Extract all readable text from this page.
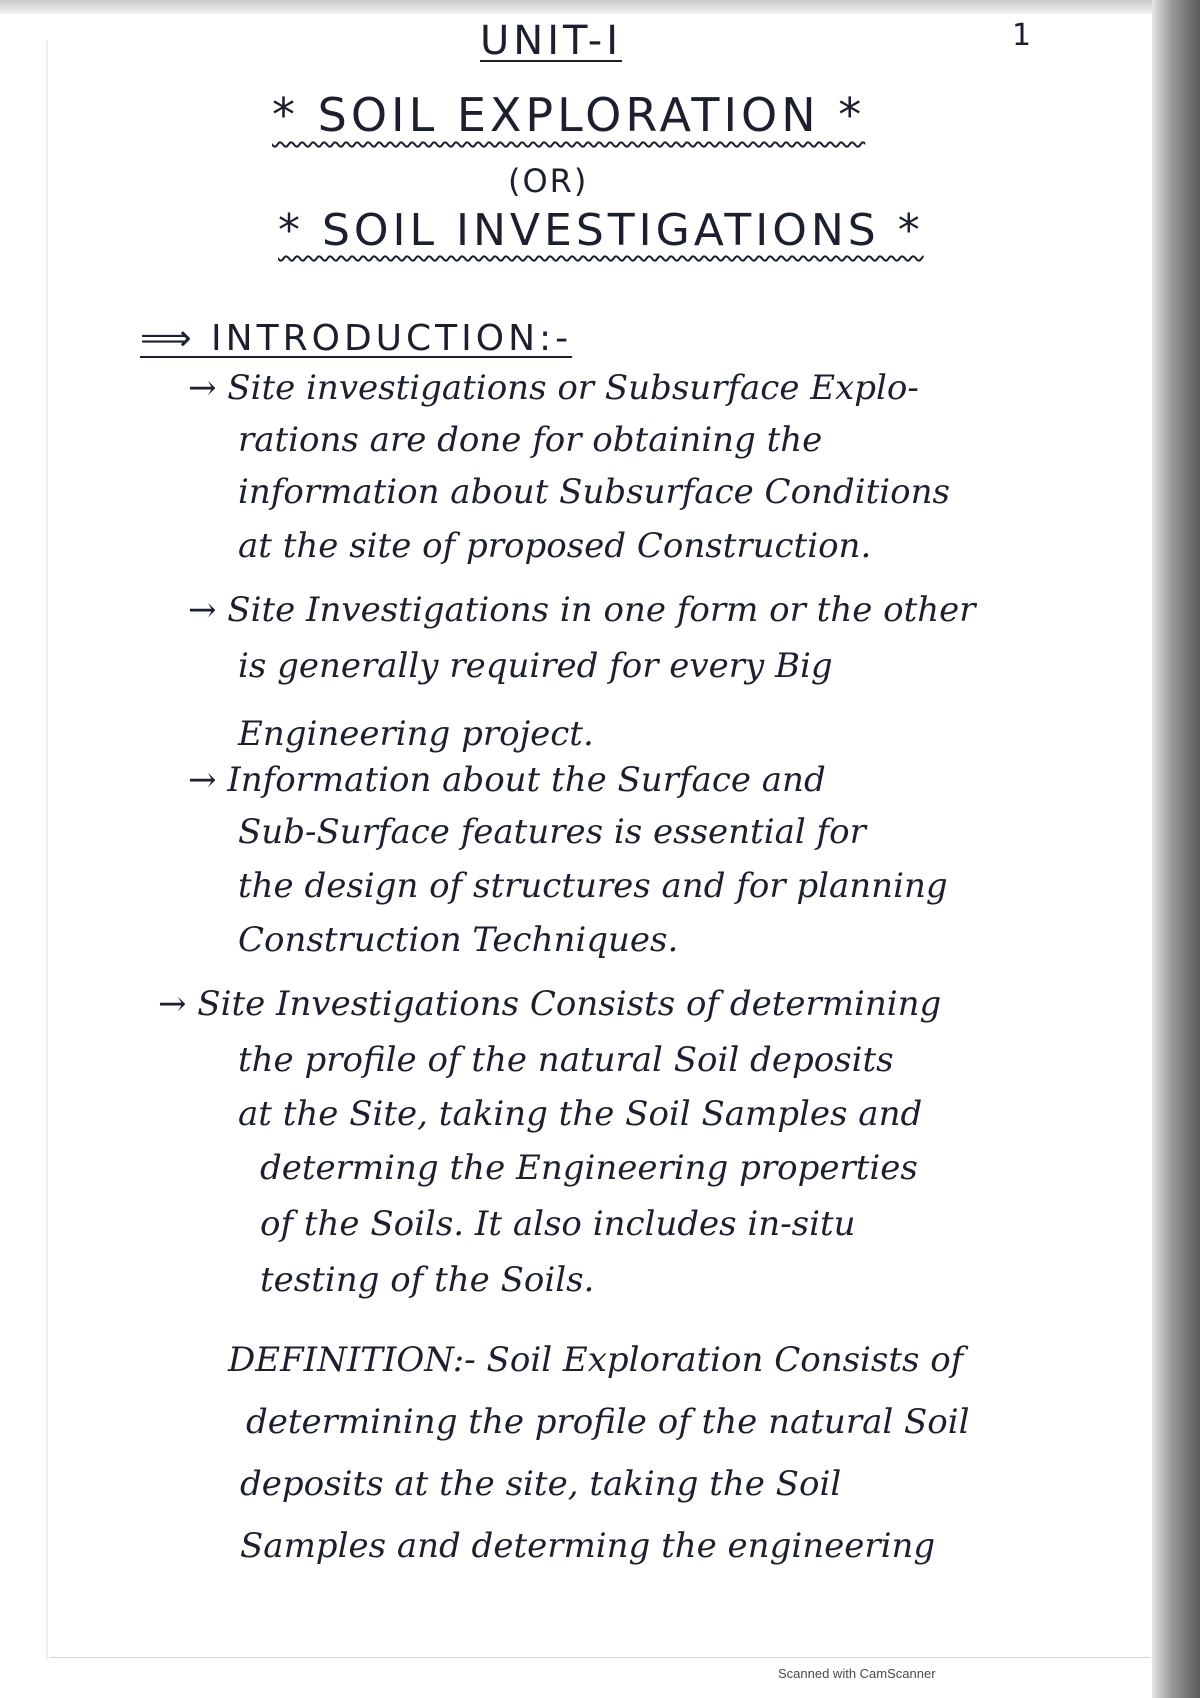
UNIT-I	1

* SOIL EXPLORATION *

(OR)

* SOIL INVESTIGATIONS *

⟹ INTRODUCTION:-

→ Site investigations or Subsurface Explo-

rations are done for obtaining the

information about Subsurface Conditions

at the site of proposed Construction.

→ Site Investigations in one form or the other

is generally required for every Big

Engineering project.

→ Information about the Surface and

Sub-Surface features is essential for

the design of structures and for planning

Construction Techniques.

→ Site Investigations Consists of determining

the profile of the natural Soil deposits

at the Site, taking the Soil Samples and

determing the Engineering properties

of the Soils. It also includes in-situ

testing of the Soils.

DEFINITION:- Soil Exploration Consists of

determining the profile of the natural Soil

deposits at the site, taking the Soil

Samples and determing the engineering

Scanned with CamScanner
